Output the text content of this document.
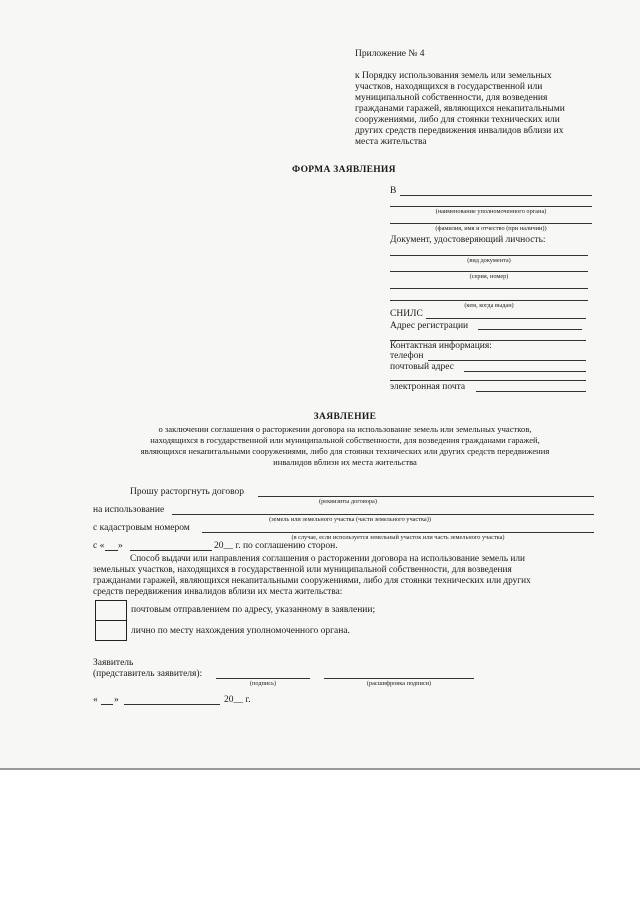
Приложение № 4
к Порядку использования земель или земельных
участков, находящихся в государственной или
муниципальной собственности, для возведения
гражданами гаражей, являющихся некапитальными
сооружениями, либо для стоянки технических или
других средств передвижения инвалидов вблизи их
места жительства
ФОРМА ЗАЯВЛЕНИЯ
В
(наименование уполномоченного органа)
(фамилия, имя и отчество (при наличии))
Документ, удостоверяющий личность:
(вид документа)
(серия, номер)
(кем, когда выдан)
СНИЛС
Адрес регистрации
Контактная информация:
телефон
почтовый адрес
электронная почта
ЗАЯВЛЕНИЕ
о заключении соглашения о расторжении договора на использование земель или земельных участков,
находящихся в государственной или муниципальной собственности, для возведения гражданами гаражей,
являющихся некапитальными сооружениями, либо для стоянки технических или других средств передвижения
инвалидов вблизи их места жительства
Прошу расторгнуть договор
(реквизиты договора)
на использование
(земель или земельного участка (части земельного участка))
с кадастровым номером
(в случае, если используется земельный участок или часть земельного участка)
с « »	20__ г. по соглашению сторон.
Способ выдачи или направления соглашения о расторжении договора на использование земель или
земельных участков, находящихся в государственной или муниципальной собственности, для возведения
гражданами гаражей, являющихся некапитальными сооружениями, либо для стоянки технических или других
средств передвижения инвалидов вблизи их места жительства:
почтовым отправлением по адресу, указанному в заявлении;
лично по месту нахождения уполномоченного органа.
Заявитель
(представитель заявителя):
(подпись)	(расшифровка подписи)
« »	20__ г.
